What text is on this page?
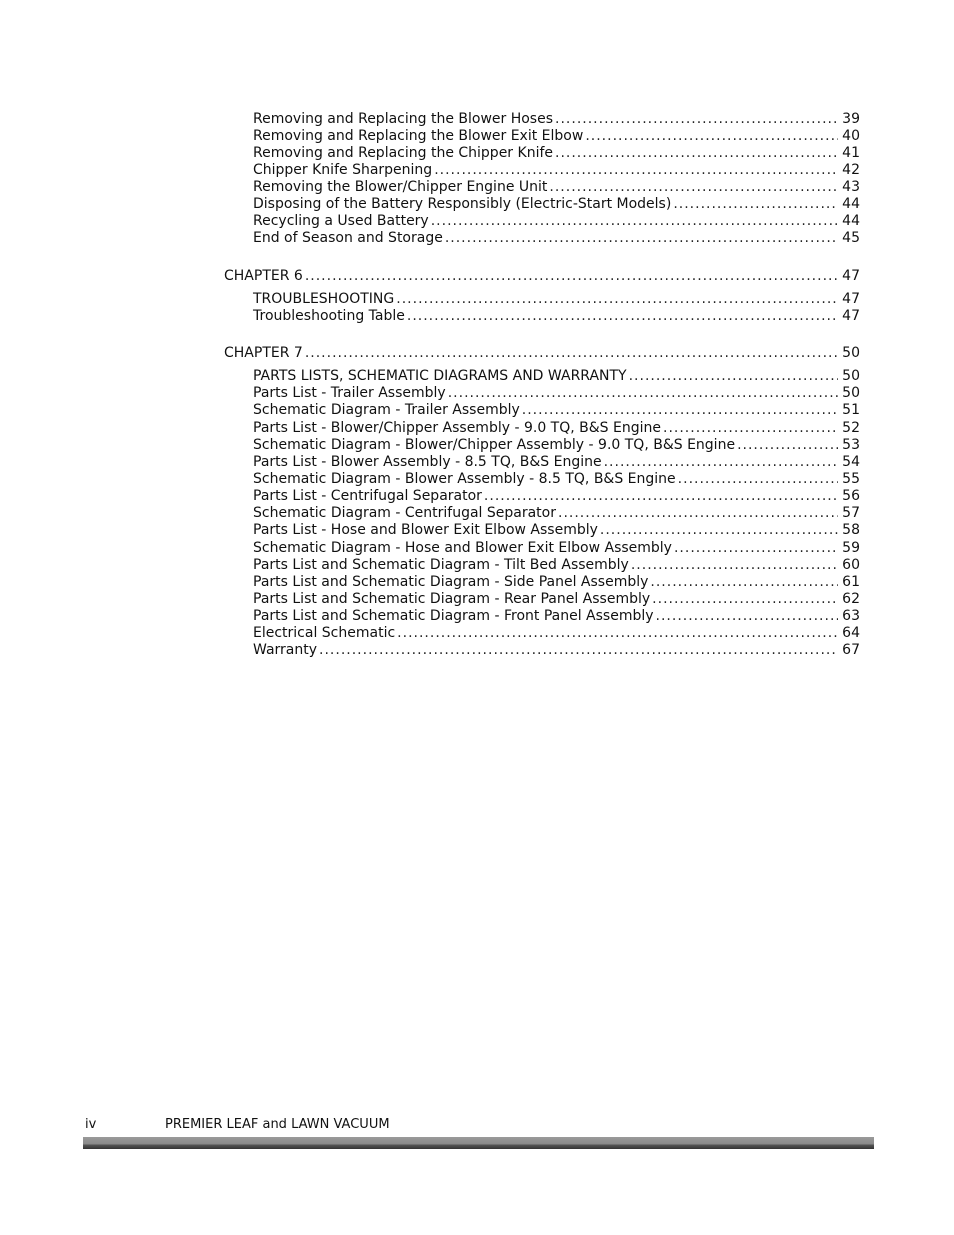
Removing and Replacing the Blower Hoses .....	39
Removing and Replacing the Blower Exit Elbow .....	40
Removing and Replacing the Chipper Knife .....	41
Chipper Knife Sharpening .....	42
Removing the Blower/Chipper Engine Unit .....	43
Disposing of the Battery Responsibly (Electric-Start Models) .....	44
Recycling a Used Battery .....	44
End of Season and Storage .....	45
CHAPTER 6 .....	47
TROUBLESHOOTING .....	47
Troubleshooting Table .....	47
CHAPTER 7 .....	50
PARTS LISTS, SCHEMATIC DIAGRAMS AND WARRANTY .....	50
Parts List - Trailer Assembly .....	50
Schematic Diagram - Trailer Assembly .....	51
Parts List - Blower/Chipper Assembly - 9.0 TQ, B&S Engine .....	52
Schematic Diagram - Blower/Chipper Assembly - 9.0 TQ, B&S Engine .....	53
Parts List - Blower Assembly - 8.5 TQ, B&S Engine .....	54
Schematic Diagram - Blower Assembly - 8.5 TQ, B&S Engine .....	55
Parts List - Centrifugal Separator .....	56
Schematic Diagram - Centrifugal Separator .....	57
Parts List - Hose and Blower Exit Elbow Assembly .....	58
Schematic Diagram - Hose and Blower Exit Elbow Assembly .....	59
Parts List and Schematic Diagram - Tilt Bed Assembly .....	60
Parts List and Schematic Diagram - Side Panel Assembly .....	61
Parts List and Schematic Diagram - Rear Panel Assembly .....	62
Parts List and Schematic Diagram - Front Panel Assembly .....	63
Electrical Schematic .....	64
Warranty .....	67
iv	PREMIER LEAF and LAWN VACUUM
